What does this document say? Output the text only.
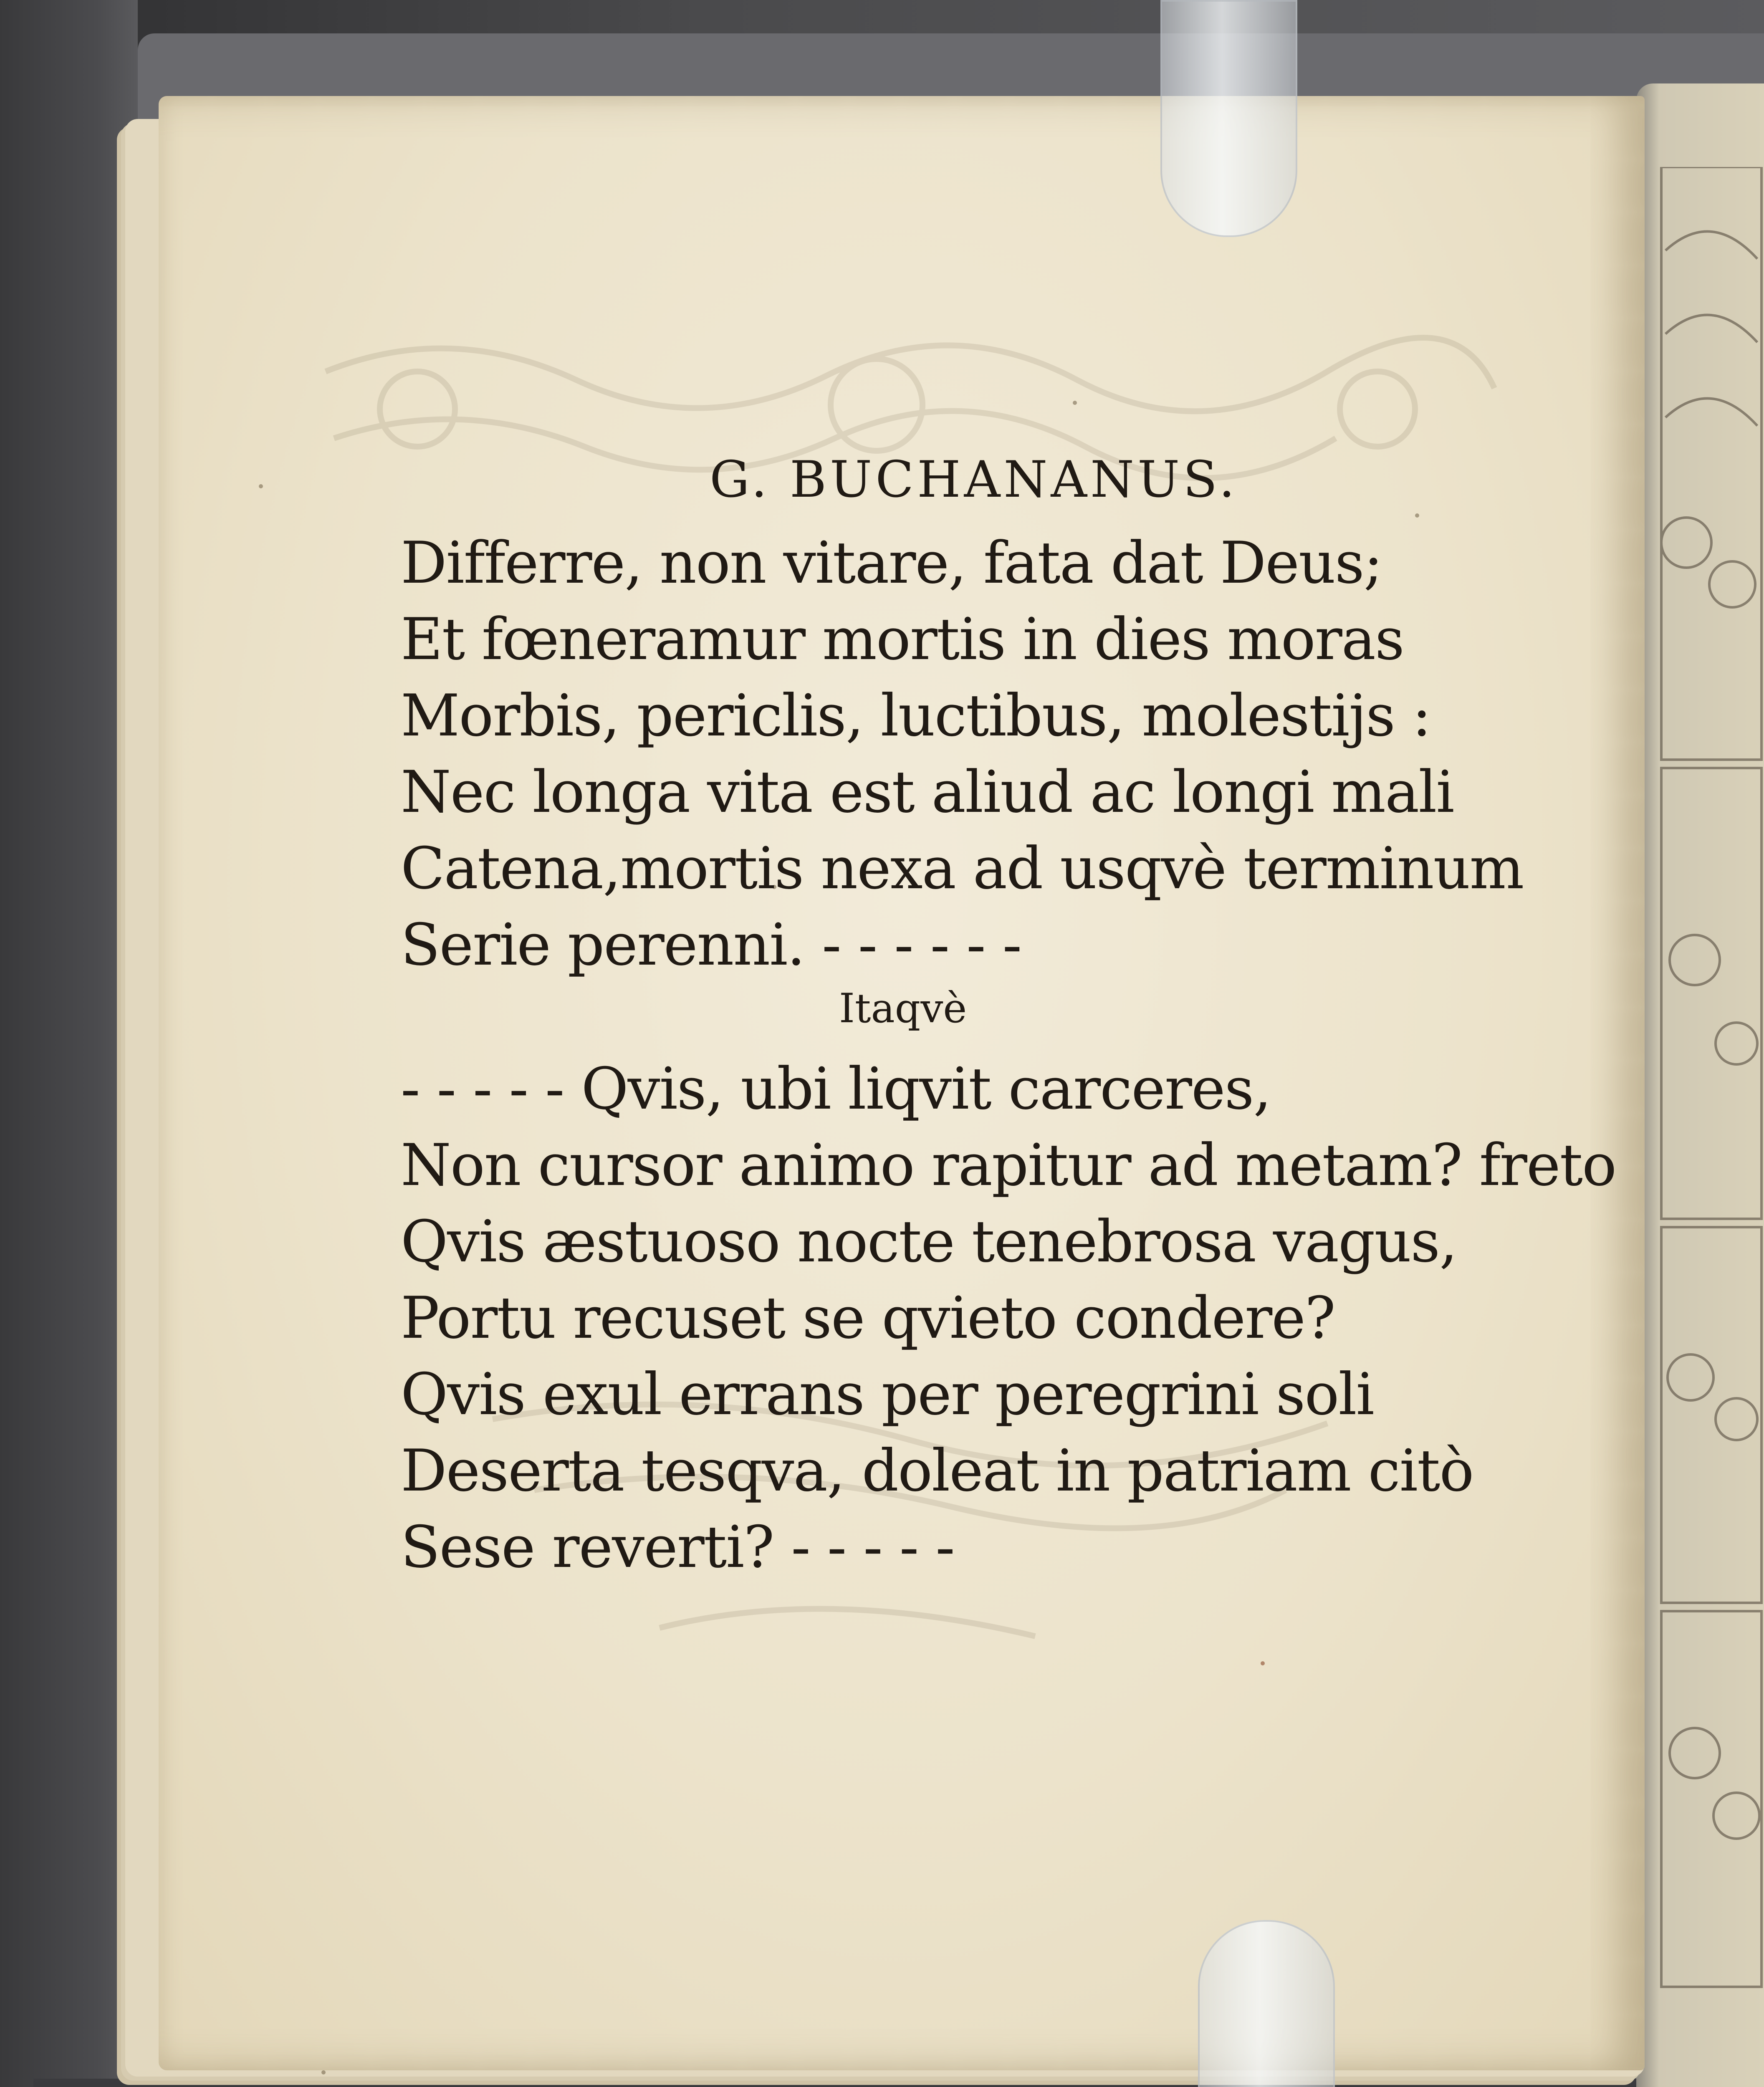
G. BUCHANANUS.
Differre, non vitare, fata dat Deus;
Et fœneramur mortis in dies moras
Morbis, periclis, luctibus, molestijs :
Nec longa vita est aliud ac longi mali
Catena,mortis nexa ad usqvè terminum
Serie perenni. - - - - - -
Itaqvè
- - - - - Qvis, ubi liqvit carceres,
Non cursor animo rapitur ad metam? freto
Qvis æstuoso nocte tenebrosa vagus,
Portu recuset se qvieto condere?
Qvis exul errans per peregrini soli
Deserta tesqva, doleat in patriam citò
Sese reverti? - - - - -
